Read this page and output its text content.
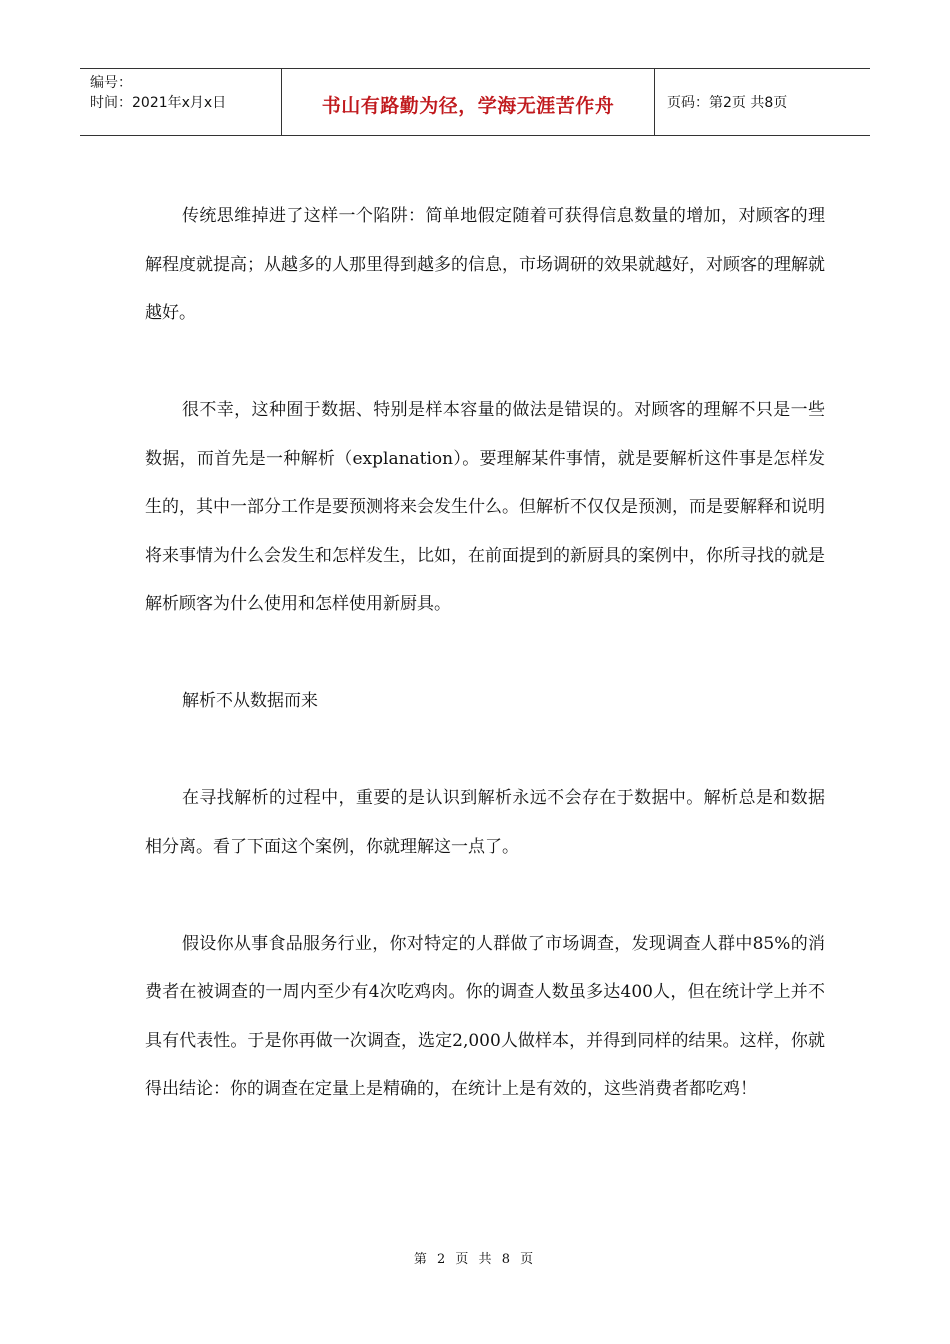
编号：
时间：2021年x月x日	书山有路勤为径，学海无涯苦作舟	页码：第2页 共8页

传统思维掉进了这样一个陷阱：简单地假定随着可获得信息数量的增加，对顾客的理解程度就提高；从越多的人那里得到越多的信息，市场调研的效果就越好，对顾客的理解就越好。

很不幸，这种囿于数据、特别是样本容量的做法是错误的。对顾客的理解不只是一些数据，而首先是一种解析（explanation）。要理解某件事情，就是要解析这件事是怎样发生的，其中一部分工作是要预测将来会发生什么。但解析不仅仅是预测，而是要解释和说明将来事情为什么会发生和怎样发生，比如，在前面提到的新厨具的案例中，你所寻找的就是解析顾客为什么使用和怎样使用新厨具。

解析不从数据而来

在寻找解析的过程中，重要的是认识到解析永远不会存在于数据中。解析总是和数据相分离。看了下面这个案例，你就理解这一点了。

假设你从事食品服务行业，你对特定的人群做了市场调查，发现调查人群中85%的消费者在被调查的一周内至少有4次吃鸡肉。你的调查人数虽多达400人，但在统计学上并不具有代表性。于是你再做一次调查，选定2,000人做样本，并得到同样的结果。这样，你就得出结论：你的调查在定量上是精确的，在统计上是有效的，这些消费者都吃鸡！

第 2 页 共 8 页
